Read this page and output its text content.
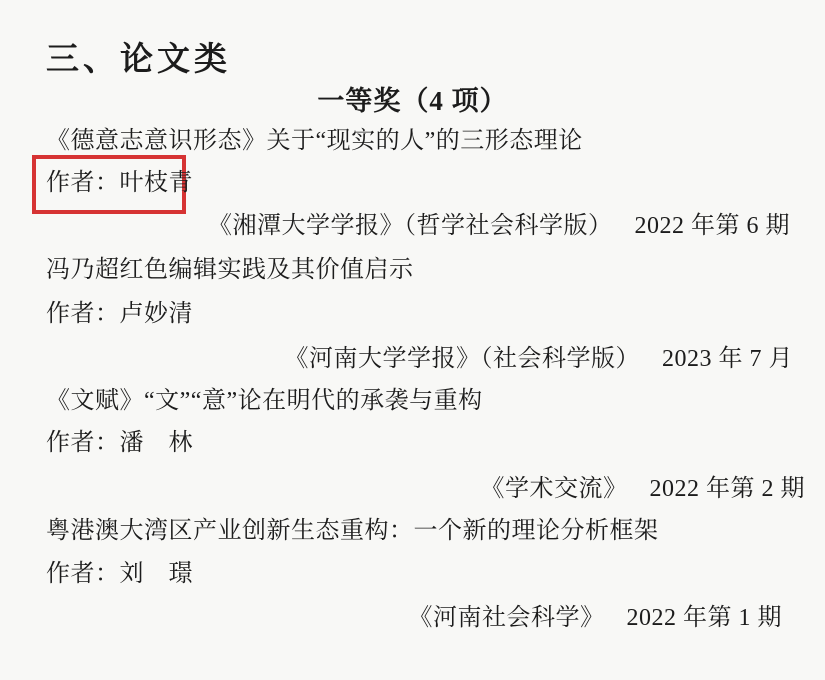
三、论文类
一等奖（4 项）
《德意志意识形态》关于“现实的人”的三形态理论
作者：叶枝青
《湘潭大学学报》（哲学社会科学版） 2022 年第 6 期
冯乃超红色编辑实践及其价值启示
作者：卢妙清
《河南大学学报》（社会科学版） 2023 年 7 月
《文赋》“文”“意”论在明代的承袭与重构
作者：潘　林
《学术交流》 2022 年第 2 期
粤港澳大湾区产业创新生态重构：一个新的理论分析框架
作者：刘　璟
《河南社会科学》 2022 年第 1 期
